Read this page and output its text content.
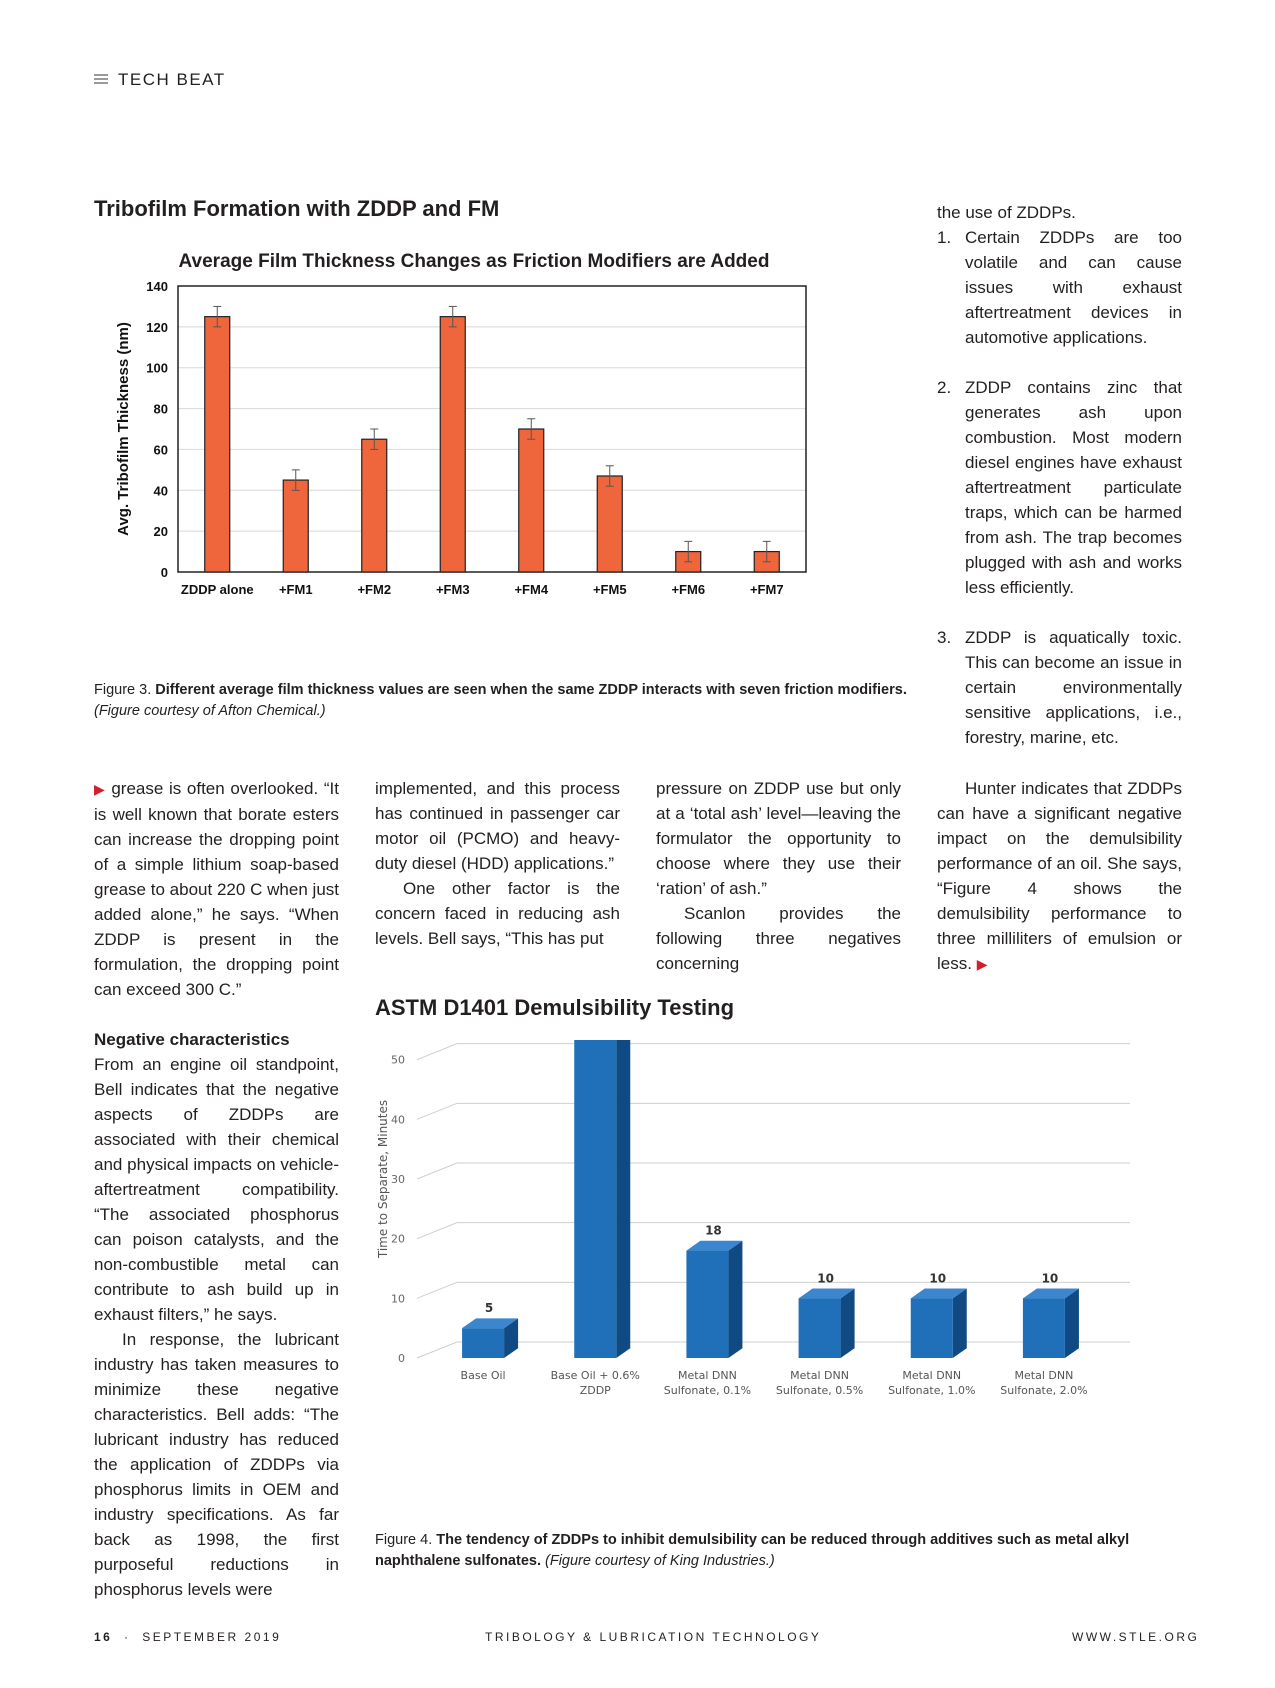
TECH BEAT
Tribofilm Formation with ZDDP and FM
Average Film Thickness Changes as Friction Modifiers are Added
0
20
40
60
80
100
120
140
Avg. Tribofilm Thickness (nm)
ZDDP alone +FM1	+FM2	+FM3	+FM4	+FM5	+FM6	+FM7
Figure 3. Different average film thickness values are seen when the same ZDDP interacts with seven friction modifiers.
(Figure courtesy of Afton Chemical.)

the use of ZDDPs.

1. Certain ZDDPs are too volatile and can cause issues with exhaust aftertreatment devices in automotive applications.
2. ZDDP contains zinc that generates ash upon combustion. Most modern diesel engines have exhaust aftertreatment particulate traps, which can be harmed from ash. The trap becomes plugged with ash and works less efficiently.
3. ZDDP is aquatically toxic. This can become an issue in certain environmentally sensitive applications, i.e., forestry, marine, etc.

▶ grease is often overlooked. “It is well known that borate esters can increase the dropping point of a simple lithium soap-based grease to about 220 C when just added alone,” he says. “When ZDDP is present in the formulation, the dropping point can exceed 300 C.”

Negative characteristics

From an engine oil standpoint, Bell indicates that the negative aspects of ZDDPs are associated with their chemical and physical impacts on vehicle-aftertreatment compatibility. “The associated phosphorus can poison catalysts, and the non-combustible metal can contribute to ash build up in exhaust filters,” he says.

In response, the lubricant industry has taken measures to minimize these negative characteristics. Bell adds: “The lubricant industry has reduced the application of ZDDPs via phosphorus limits in OEM and industry specifications. As far back as 1998, the first purposeful reductions in phosphorus levels were

implemented, and this process has continued in passenger car motor oil (PCMO) and heavy-duty diesel (HDD) applications.”

One other factor is the concern faced in reducing ash levels. Bell says, “This has put

pressure on ZDDP use but only at a ‘total ash’ level—leaving the formulator the opportunity to choose where they use their ‘ration’ of ash.”

Scanlon provides the following three negatives concerning

Hunter indicates that ZDDPs can have a significant negative impact on the demulsibility performance of an oil. She says, “Figure 4 shows the demulsibility performance to three milliliters of emulsion or less. ▶

ASTM D1401 Demulsibility Testing
0
10
20
30
40
50
Time to Separate, Minutes
5
Base Oil	Base Oil + 0.6%
ZDDP
18
Metal DNN
Sulfonate, 0.1%
10
Metal DNN
Sulfonate, 0.5%
10
Metal DNN
Sulfonate, 1.0%
10
Metal DNN
Sulfonate, 2.0%
Figure 4. The tendency of ZDDPs to inhibit demulsibility can be reduced through additives such as metal alkyl naphthalene sulfonates. (Figure courtesy of King Industries.)
16 · SEPTEMBER 2019	TRIBOLOGY & LUBRICATION TECHNOLOGY	WWW.STLE.ORG
